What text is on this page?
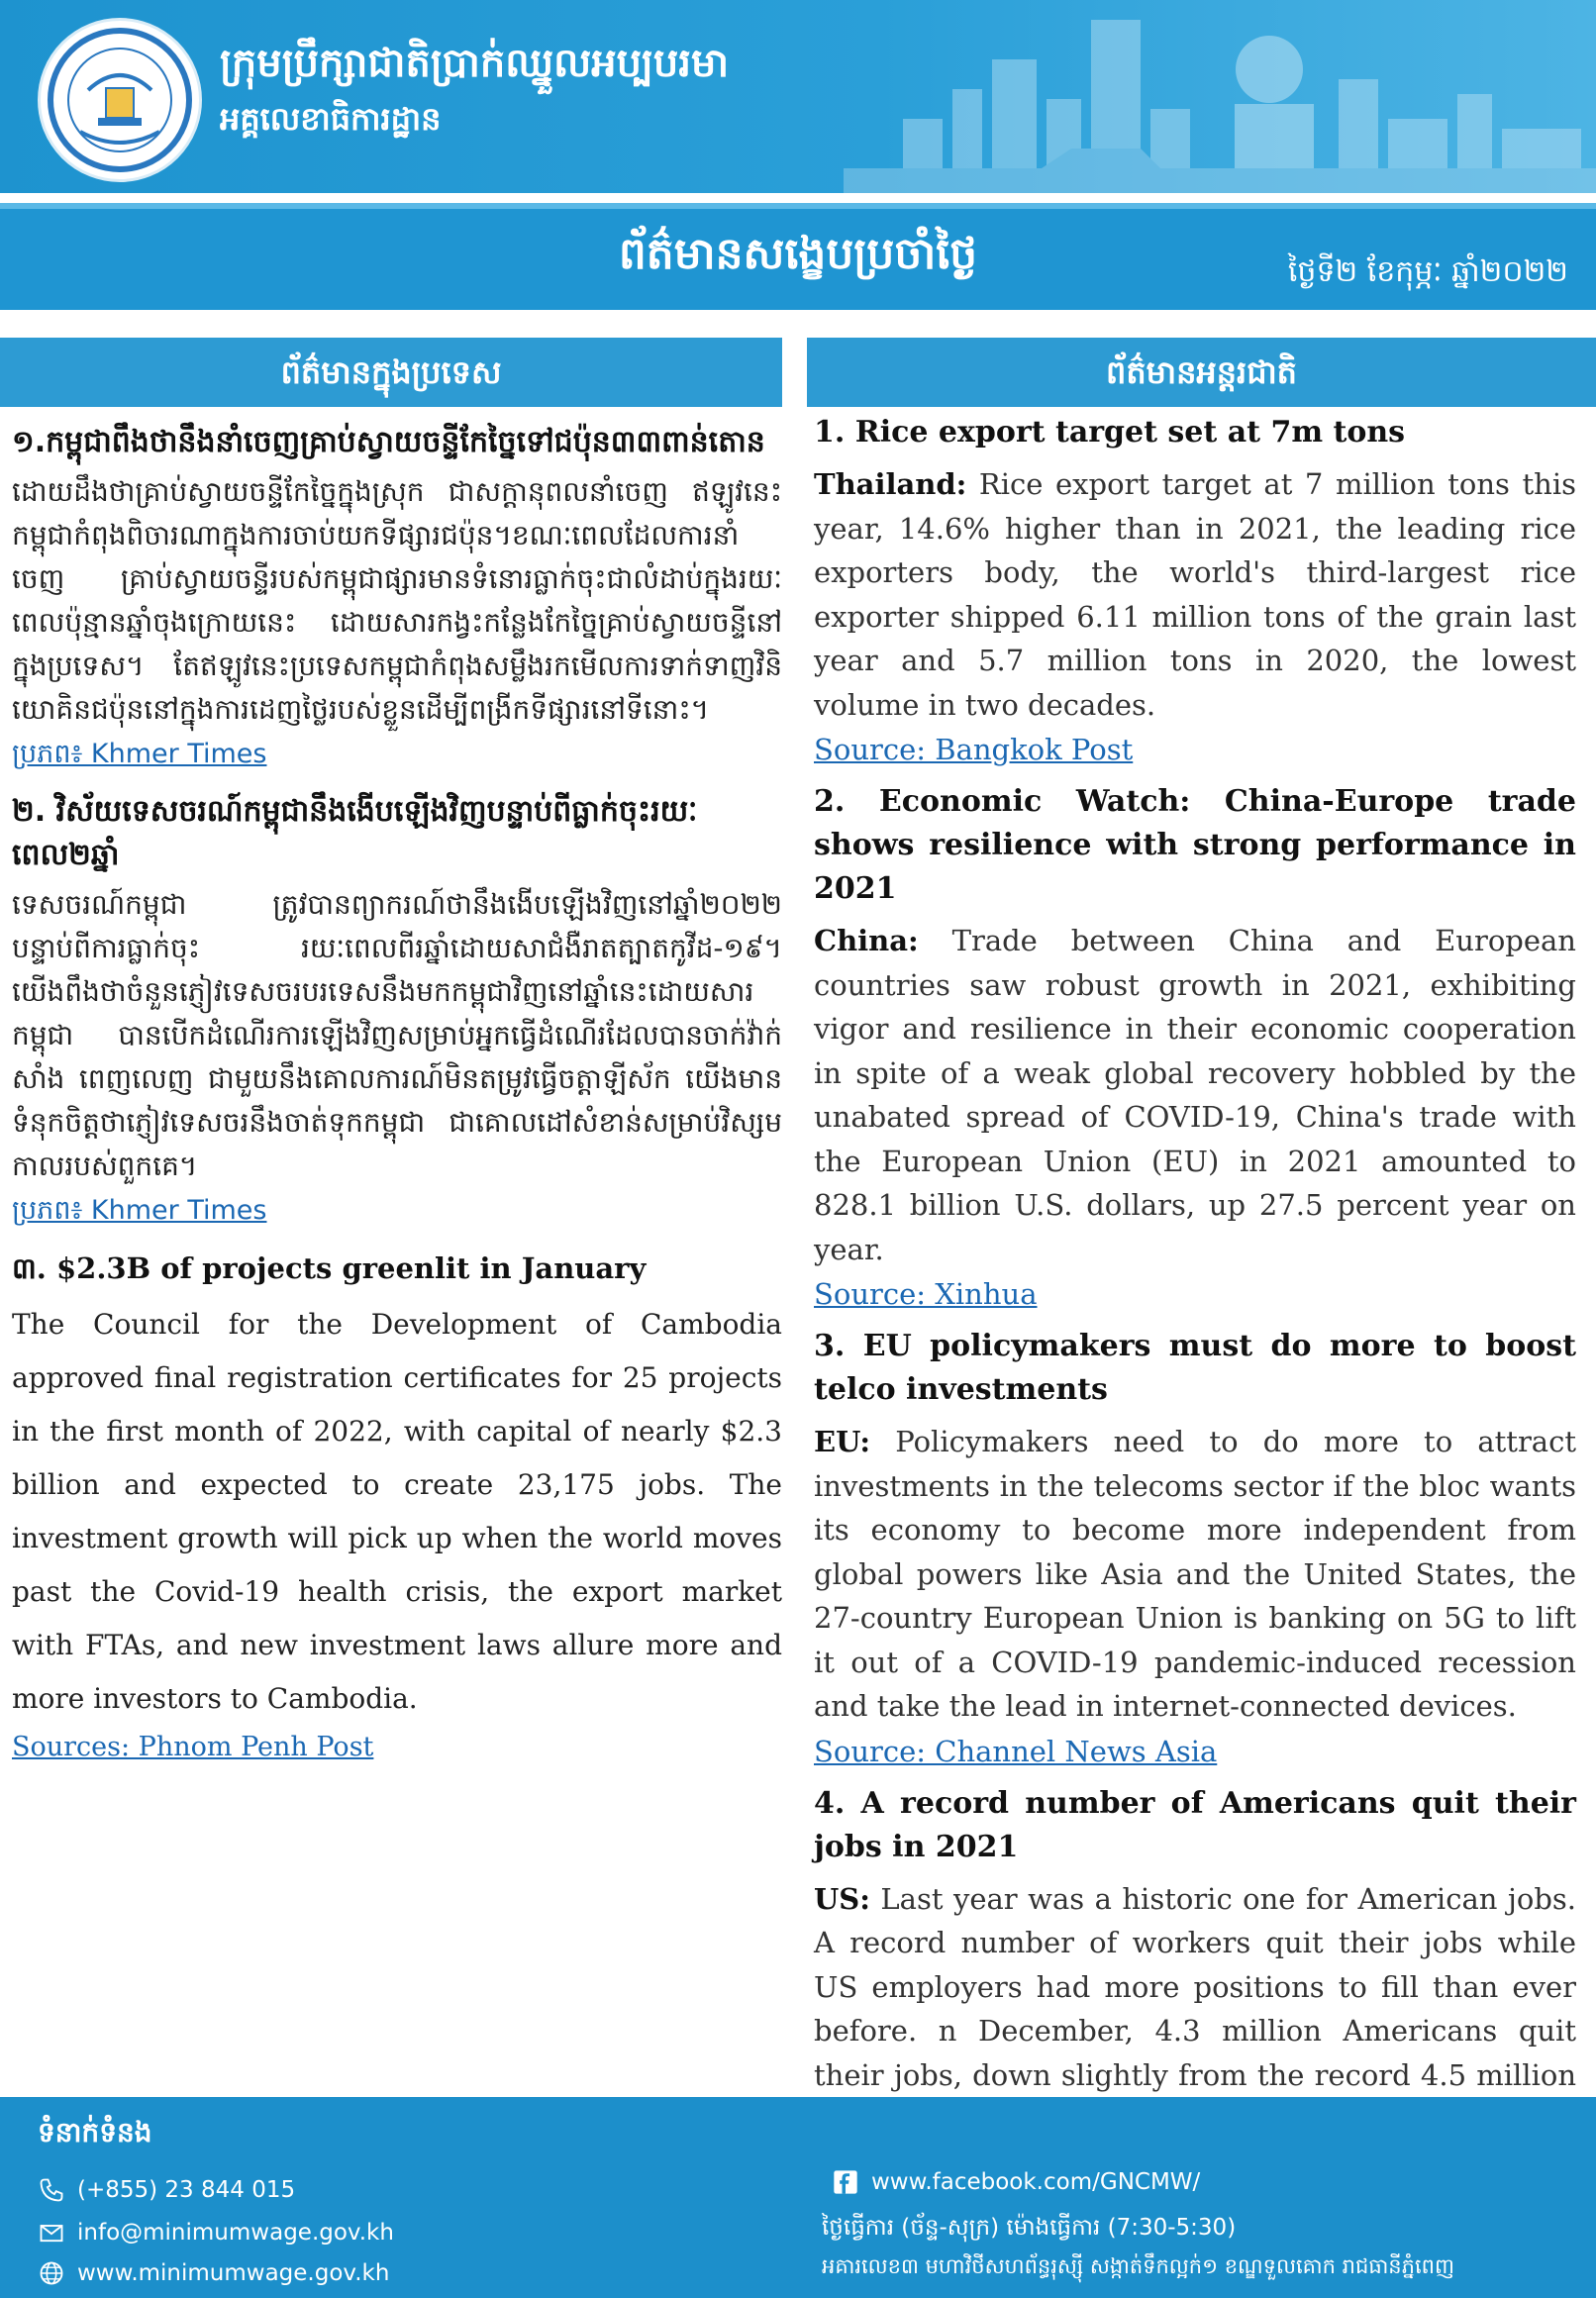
ក្រុមប្រឹក្សាជាតិប្រាក់ឈ្នួលអប្បបរមា
អគ្គលេខាធិការដ្ឋាន
ព័ត៌មានសង្ខេបប្រចាំថ្ងៃ	ថ្ងៃទី២ ខែកុម្ភៈ ឆ្នាំ២០២២
ព័ត៌មានក្នុងប្រទេស	ព័ត៌មានអន្តរជាតិ
១.កម្ពុជាពឹងថានឹងនាំចេញគ្រាប់ស្វាយចន្ទីកែច្នៃទៅជប៉ុន៣៣ពាន់តោន
ដោយដឹងថាគ្រាប់ស្វាយចន្ទីកែច្នៃក្នុងស្រុក ជាសក្តានុពលនាំចេញ ឥឡូវនេះកម្ពុជាកំពុងពិចារណាក្នុងការចាប់យកទីផ្សារជប៉ុន។ខណៈពេលដែលការនាំចេញ គ្រាប់ស្វាយចន្ទីរបស់កម្ពុជាផ្សារមានទំនោរធ្លាក់ចុះជាលំដាប់ក្នុងរយៈពេលប៉ុន្មានឆ្នាំចុងក្រោយនេះ ដោយសារកង្វះកន្លែងកែច្នៃគ្រាប់ស្វាយចន្ទីនៅក្នុងប្រទេស។ តែឥឡូវនេះប្រទេសកម្ពុជាកំពុងសម្លឹងរកមើលការទាក់ទាញវិនិយោគិនជប៉ុននៅក្នុងការដេញថ្លៃរបស់ខ្លួនដើម្បីពង្រីកទីផ្សារនៅទីនោះ។
ប្រភព៖ Khmer Times
២. វិស័យទេសចរណ៍កម្ពុជានឹងងើបឡើងវិញបន្ទាប់ពីធ្លាក់ចុះរយៈពេល២ឆ្នាំ
ទេសចរណ៍កម្ពុជា ត្រូវបានព្យាករណ៍ថានឹងងើបឡើងវិញនៅឆ្នាំ២០២២ បន្ទាប់ពីការធ្លាក់ចុះ រយៈពេលពីរឆ្នាំដោយសាជំងឺរាតត្បាតកូវីដ-១៩។ យើងពឹងថាចំនួនភ្ញៀវទេសចរបរទេសនឹងមកកម្ពុជាវិញនៅឆ្នាំនេះដោយសារកម្ពុជា បានបើកដំណើរការឡើងវិញសម្រាប់អ្នកធ្វើដំណើរដែលបានចាក់វ៉ាក់សាំង ពេញលេញ ជាមួយនឹងគោលការណ៍មិនតម្រូវធ្វើចត្តាឡីស័ក យើងមានទំនុកចិត្តថាភ្ញៀវទេសចរនឹងចាត់ទុកកម្ពុជា ជាគោលដៅសំខាន់សម្រាប់វិស្សមកាលរបស់ពួកគេ។
ប្រភព៖ Khmer Times
៣. $2.3B of projects greenlit in January
The Council for the Development of Cambodia approved final registration certificates for 25 projects in the first month of 2022, with capital of nearly $2.3 billion and expected to create 23,175 jobs. The investment growth will pick up when the world moves past the Covid-19 health crisis, the export market with FTAs, and new investment laws allure more and more investors to Cambodia.
Sources: Phnom Penh Post
1. Rice export target set at 7m tons
Thailand: Rice export target at 7 million tons this year, 14.6% higher than in 2021, the leading rice exporters body, the world's third-largest rice exporter shipped 6.11 million tons of the grain last year and 5.7 million tons in 2020, the lowest volume in two decades.
Source: Bangkok Post
2. Economic Watch: China-Europe trade shows resilience with strong performance in 2021
China: Trade between China and European countries saw robust growth in 2021, exhibiting vigor and resilience in their economic cooperation in spite of a weak global recovery hobbled by the unabated spread of COVID-19, China's trade with the European Union (EU) in 2021 amounted to 828.1 billion U.S. dollars, up 27.5 percent year on year.
Source: Xinhua
3. EU policymakers must do more to boost telco investments
EU: Policymakers need to do more to attract investments in the telecoms sector if the bloc wants its economy to become more independent from global powers like Asia and the United States, the 27-country European Union is banking on 5G to lift it out of a COVID-19 pandemic-induced recession and take the lead in internet-connected devices.
Source: Channel News Asia
4. A record number of Americans quit their jobs in 2021
US: Last year was a historic one for American jobs. A record number of workers quit their jobs while US employers had more positions to fill than ever before. n December, 4.3 million Americans quit their jobs, down slightly from the record 4.5 million
ទំនាក់ទំនង
(+855) 23 844 015
info@minimumwage.gov.kh
www.minimumwage.gov.kh
www.facebook.com/GNCMW/
ថ្ងៃធ្វើការ (ច័ន្ទ-សុក្រ) ម៉ោងធ្វើការ (7:30-5:30)
អគារលេខ៣ មហាវិថីសហព័ន្ធរុស្ស៊ី សង្កាត់ទឹកល្អក់១ ខណ្ឌទួលគោក រាជធានីភ្នំពេញ
